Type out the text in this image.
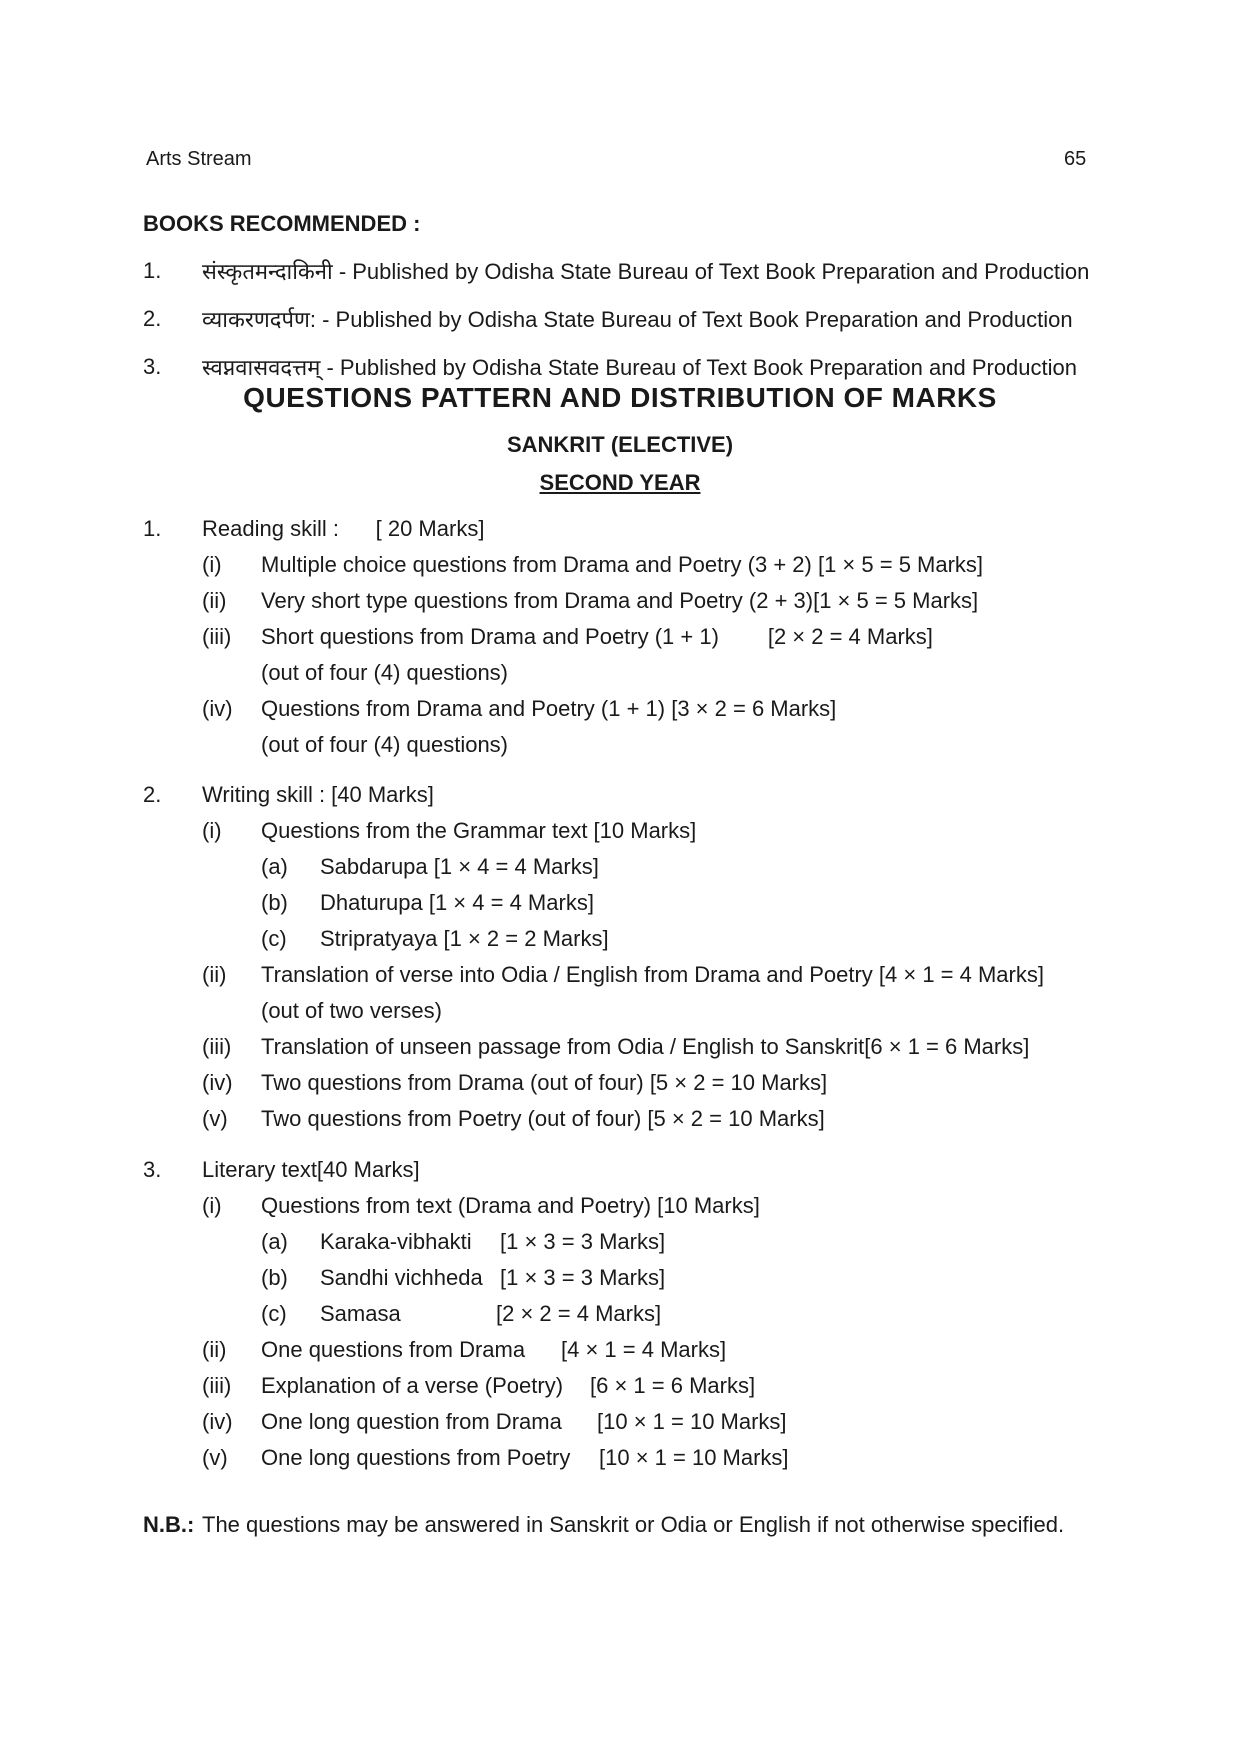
Arts Stream	65
BOOKS RECOMMENDED :
1. संस्कृतमन्दाकिनी - Published by Odisha State Bureau of Text Book Preparation and Production
2. व्याकरणदर्पण: - Published by Odisha State Bureau of Text Book Preparation and Production
3. स्वप्नवासवदत्तम् - Published by Odisha State Bureau of Text Book Preparation and Production
QUESTIONS PATTERN AND DISTRIBUTION OF MARKS
SANKRIT (ELECTIVE)
SECOND YEAR
1. Reading skill :      [ 20 Marks]
(i) Multiple choice questions from Drama and Poetry (3 + 2) [1 × 5 = 5 Marks]
(ii) Very short type questions from Drama and Poetry (2 + 3)[1 × 5 = 5 Marks]
(iii) Short questions from Drama and Poetry (1 + 1)        [2 × 2 = 4 Marks]
(out of four (4) questions)
(iv) Questions from Drama and Poetry (1 + 1) [3 × 2 = 6 Marks]
(out of four (4) questions)
2. Writing skill : [40 Marks]
(i) Questions from the Grammar text [10 Marks]
(a) Sabdarupa [1 × 4 = 4 Marks]
(b) Dhaturupa [1 × 4 = 4 Marks]
(c) Stripratyaya [1 × 2 = 2 Marks]
(ii) Translation of verse into Odia / English from Drama and Poetry [4 × 1 = 4 Marks]
(out of two verses)
(iii) Translation of unseen passage from Odia / English to Sanskrit[6 × 1 = 6 Marks]
(iv) Two questions from Drama (out of four) [5 × 2 = 10 Marks]
(v) Two questions from Poetry (out of four) [5 × 2 = 10 Marks]
3. Literary text[40 Marks]
(i) Questions from text (Drama and Poetry) [10 Marks]
(a) Karaka-vibhakti [1 × 3 = 3 Marks]
(b) Sandhi vichheda [1 × 3 = 3 Marks]
(c) Samasa	[2 × 2 = 4 Marks]
(ii) One questions from Drama [4 × 1 = 4 Marks]
(iii) Explanation of a verse (Poetry) [6 × 1 = 6 Marks]
(iv) One long question from Drama [10 × 1 = 10 Marks]
(v) One long questions from Poetry [10 × 1 = 10 Marks]
N.B.: The questions may be answered in Sanskrit or Odia or English if not otherwise specified.
